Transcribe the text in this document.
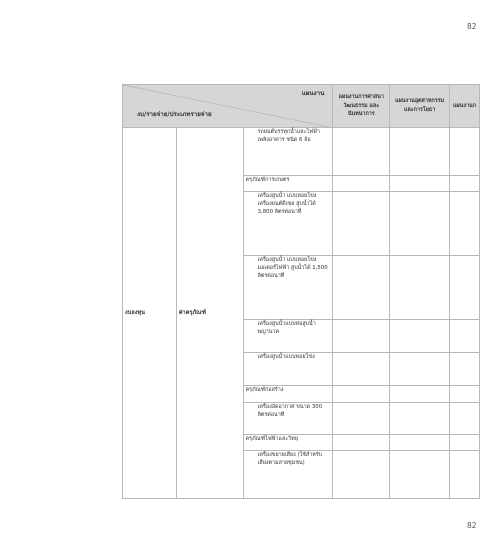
82
แผนงาน
งบ/รายจ่าย/ประเภทรายจ่าย			แผนงานการศาสนาวัฒนธรรม และนันทนาการ	แผนงานอุตสาหกรรมและการโยธา	แผนงานก
งบลงทุน	ค่าครุภัณฑ์	รถยนต์บรรทุกน้ำและไฟฟ้าเพลิงอาคาร ชนิด 6 ล้อ			
		ครุภัณฑ์การเกษตร			
		เครื่องสูบน้ำ แบบหอยโข่ง เครื่องยนต์ดีเซล สูบน้ำได้ 3,800 ลิตรต่อนาที			
		เครื่องสูบน้ำ แบบหอยโข่ง มอเตอร์ไฟฟ้า สูบน้ำได้ 1,500 ลิตรต่อนาที			
		เครื่องสูบน้ำแบบท่อสูบน้ำพญานาค			
		เครื่องสูบน้ำแบบหอยโข่ง			
		ครุภัณฑ์ก่อสร้าง			
		เครื่องอัดอากาศ ขนาด 300 ลิตรต่อนาที			
		ครุภัณฑ์ไฟฟ้าและวิทยุ			
		เครื่องขยายเสียง (ใช้สำหรับเสียงตามสายชุมชน)			
82
